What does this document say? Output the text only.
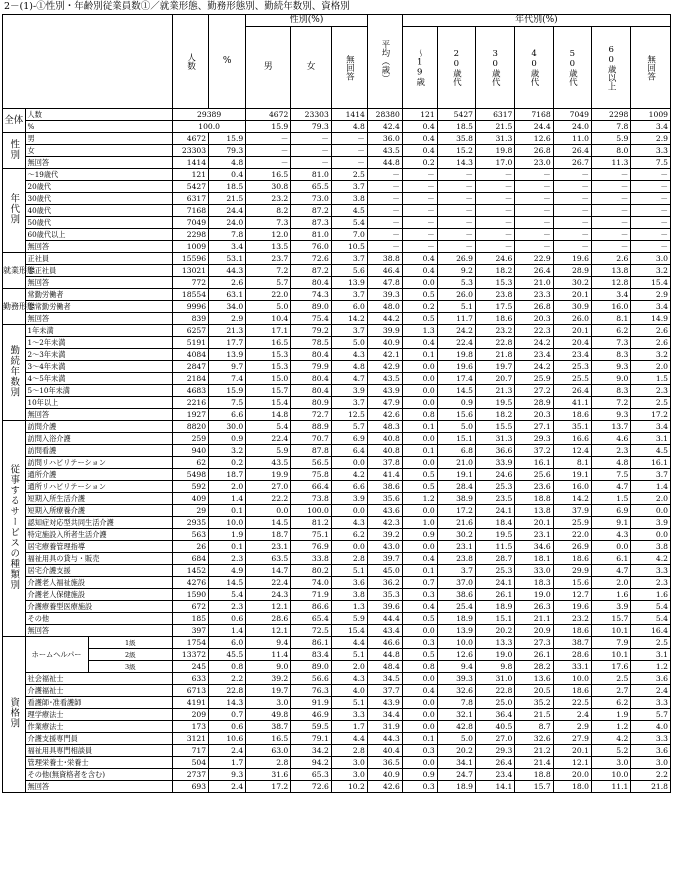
2－(1)-①性別・年齢別従業員数①／就業形態、勤務形態別、勤続年数別、資格別

			人数	%	性別(%)			平均（歳）	年代別(%)						
					男	女	無回答		～19歳	20歳代	30歳代	40歳代	50歳代	60歳以上	無回答

全体	人数		29389		4672	23303	1414	28380	121	5427	6317	7168	7049	2298	1009
	%		100.0		15.9	79.3	4.8	42.4	0.4	18.5	21.5	24.4	24.0	7.8	3.4
性別	男		4672	15.9	－	－	－	36.0	0.4	35.8	31.3	12.6	11.0	5.9	2.9
	女		23303	79.3	－	－	－	43.5	0.4	15.2	19.8	26.8	26.4	8.0	3.3
	無回答		1414	4.8	－	－	－	44.8	0.2	14.3	17.0	23.0	26.7	11.3	7.5
年代別	～19歳代		121	0.4	16.5	81.0	2.5	－	－	－	－	－	－	－	－
	20歳代		5427	18.5	30.8	65.5	3.7	－	－	－	－	－	－	－	－
	30歳代		6317	21.5	23.2	73.0	3.8	－	－	－	－	－	－	－	－
	40歳代		7168	24.4	8.2	87.2	4.5	－	－	－	－	－	－	－	－
	50歳代		7049	24.0	7.3	87.3	5.4	－	－	－	－	－	－	－	－
	60歳代以上		2298	7.8	12.0	81.0	7.0	－	－	－	－	－	－	－	－
	無回答		1009	3.4	13.5	76.0	10.5	－	－	－	－	－	－	－	－

就業形態	正社員		15596	53.1	23.7	72.6	3.7	38.8	0.4	26.9	24.6	22.9	19.6	2.6	3.0
	非正社員		13021	44.3	7.2	87.2	5.6	46.4	0.4	9.2	18.2	26.4	28.9	13.8	3.2
	無回答		772	2.6	5.7	80.4	13.9	47.8	0.0	5.3	15.3	21.0	30.2	12.8	15.4

勤務形態	常勤労働者		18554	63.1	22.0	74.3	3.7	39.3	0.5	26.0	23.8	23.3	20.1	3.4	2.9
	非常勤労働者		9996	34.0	5.0	89.0	6.0	48.0	0.2	5.1	17.5	26.8	30.9	16.0	3.4
	無回答		839	2.9	10.4	75.4	14.2	44.2	0.5	11.7	18.6	20.3	26.0	8.1	14.9
勤続年数別	1年未満		6257	21.3	17.1	79.2	3.7	39.9	1.3	24.2	23.2	22.3	20.1	6.2	2.6
	1～2年未満		5191	17.7	16.5	78.5	5.0	40.9	0.4	22.4	22.8	24.2	20.4	7.3	2.6
	2～3年未満		4084	13.9	15.3	80.4	4.3	42.1	0.1	19.8	21.8	23.4	23.4	8.3	3.2
	3～4年未満		2847	9.7	15.3	79.9	4.8	42.9	0.0	19.6	19.7	24.2	25.3	9.3	2.0
	4～5年未満		2184	7.4	15.0	80.4	4.7	43.5	0.0	17.4	20.7	25.9	25.5	9.0	1.5
	5～10年未満		4683	15.9	15.7	80.4	3.9	43.9	0.0	14.5	21.3	27.2	26.4	8.3	2.3
	10年以上		2216	7.5	15.4	80.9	3.7	47.9	0.0	0.9	19.5	28.9	41.1	7.2	2.5
	無回答		1927	6.6	14.8	72.7	12.5	42.6	0.8	15.6	18.2	20.3	18.6	9.3	17.2
従事するサービスの種類別	訪問介護		8820	30.0	5.4	88.9	5.7	48.3	0.1	5.0	15.5	27.1	35.1	13.7	3.4
	訪問入浴介護		259	0.9	22.4	70.7	6.9	40.8	0.0	15.1	31.3	29.3	16.6	4.6	3.1
	訪問看護		940	3.2	5.9	87.8	6.4	40.8	0.1	6.8	36.6	37.2	12.4	2.3	4.5
	訪問リハビリテーション		62	0.2	43.5	56.5	0.0	37.8	0.0	21.0	33.9	16.1	8.1	4.8	16.1
	通所介護		5498	18.7	19.9	75.8	4.2	41.4	0.5	19.1	24.6	25.6	19.1	7.5	3.7
	通所リハビリテーション		592	2.0	27.0	66.4	6.6	38.6	0.5	28.4	25.3	23.6	16.0	4.7	1.4
	短期入所生活介護		409	1.4	22.2	73.8	3.9	35.6	1.2	38.9	23.5	18.8	14.2	1.5	2.0
	短期入所療養介護		29	0.1	0.0	100.0	0.0	43.6	0.0	17.2	24.1	13.8	37.9	6.9	0.0
	認知症対応型共同生活介護		2935	10.0	14.5	81.2	4.3	42.3	1.0	21.6	18.4	20.1	25.9	9.1	3.9
	特定施設入所者生活介護		563	1.9	18.7	75.1	6.2	39.2	0.9	30.2	19.5	23.1	22.0	4.3	0.0
	居宅療養管理指導		26	0.1	23.1	76.9	0.0	43.0	0.0	23.1	11.5	34.6	26.9	0.0	3.8
	福祉用具の貸与・販売		684	2.3	63.5	33.8	2.8	39.7	0.4	23.8	28.7	18.1	18.6	6.1	4.2
	居宅介護支援		1452	4.9	14.7	80.2	5.1	45.0	0.1	3.7	25.3	33.0	29.9	4.7	3.3
	介護老人福祉施設		4276	14.5	22.4	74.0	3.6	36.2	0.7	37.0	24.1	18.3	15.6	2.0	2.3
	介護老人保健施設		1590	5.4	24.3	71.9	3.8	35.3	0.3	38.6	26.1	19.0	12.7	1.6	1.6
	介護療養型医療施設		672	2.3	12.1	86.6	1.3	39.6	0.4	25.4	18.9	26.3	19.6	3.9	5.4
	その他		185	0.6	28.6	65.4	5.9	44.4	0.5	18.9	15.1	21.1	23.2	15.7	5.4
	無回答		397	1.4	12.1	72.5	15.4	43.4	0.0	13.9	20.2	20.9	18.6	10.1	16.4
資格別	ホームヘルパー	1級	1754	6.0	9.4	86.1	4.4	46.6	0.3	10.0	13.3	27.3	38.7	7.9	2.5
		2級	13372	45.5	11.4	83.4	5.1	44.8	0.5	12.6	19.0	26.1	28.6	10.1	3.1
		3級	245	0.8	9.0	89.0	2.0	48.4	0.8	9.4	9.8	28.2	33.1	17.6	1.2
	社会福祉士		633	2.2	39.2	56.6	4.3	34.5	0.0	39.3	31.0	13.6	10.0	2.5	3.6
	介護福祉士		6713	22.8	19.7	76.3	4.0	37.7	0.4	32.6	22.8	20.5	18.6	2.7	2.4
	看護師･准看護師		4191	14.3	3.0	91.9	5.1	43.9	0.0	7.8	25.0	35.2	22.5	6.2	3.3
	理学療法士		209	0.7	49.8	46.9	3.3	34.4	0.0	32.1	36.4	21.5	2.4	1.9	5.7
	作業療法士		173	0.6	38.7	59.5	1.7	31.9	0.0	42.8	40.5	8.7	2.9	1.2	4.0
	介護支援専門員		3121	10.6	16.5	79.1	4.4	44.3	0.1	5.0	27.0	32.6	27.9	4.2	3.3
	福祉用具専門相談員		717	2.4	63.0	34.2	2.8	40.4	0.3	20.2	29.3	21.2	20.1	5.2	3.6
	管理栄養士･栄養士		504	1.7	2.8	94.2	3.0	36.5	0.0	34.1	26.4	21.4	12.1	3.0	3.0
	その他(無資格者を含む)		2737	9.3	31.6	65.3	3.0	40.9	0.9	24.7	23.4	18.8	20.0	10.0	2.2
	無回答		693	2.4	17.2	72.6	10.2	42.6	0.3	18.9	14.1	15.7	18.0	11.1	21.8
